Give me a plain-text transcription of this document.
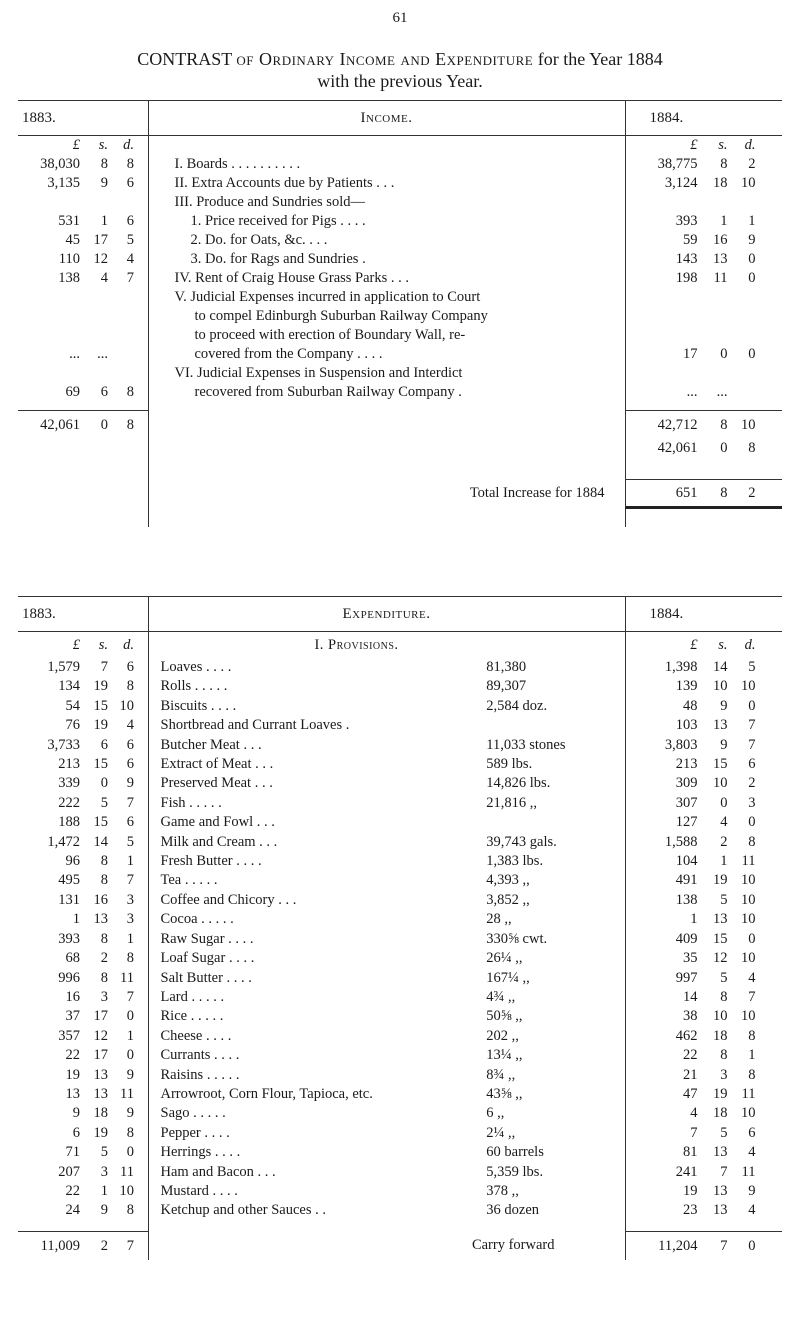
61
CONTRAST of Ordinary Income and Expenditure for the Year 1884
with the previous Year.
1883.	Income.	1884.

£ s. d.		£ s. d.

38,030 8 8	I. Boards . . . . . . . . . .	38,775 8 2

3,135 9 6	II. Extra Accounts due by Patients . . .	3,124 18 10

	III. Produce and Sundries sold—	

531 1 6	1. Price received for Pigs . . . .	393 1 1

45 17 5	2. Do. for Oats, &c. . . .	59 16 9

110 12 4	3. Do. for Rags and Sundries .	143 13 0

138 4 7	IV. Rent of Craig House Grass Parks . . .	198 11 0

	V. Judicial Expenses incurred in application to Court	

	to compel Edinburgh Suburban Railway Company	

	to proceed with erection of Boundary Wall, re-	

... ...	covered from the Company . . . .	17 0 0

	VI. Judicial Expenses in Suspension and Interdict	

69 6 8	recovered from Suburban Railway Company .	... ...

42,061 0 8		42,712 8 10

		42,061 0 8

	Total Increase for 1884	651 8 2

1883.	Expenditure.	1884.

£ s. d.	I. Provisions.	£ s. d.

1,579 7 6	Loaves . . . . 81,380	1,398 14 5

134 19 8	Rolls . . . . . 89,307	139 10 10

54 15 10	Biscuits . . . . 2,584 doz.	48 9 0

76 19 4	Shortbread and Currant Loaves .	103 13 7

3,733 6 6	Butcher Meat . . . 11,033 stones	3,803 9 7

213 15 6	Extract of Meat . . . 589 lbs.	213 15 6

339 0 9	Preserved Meat . . . 14,826 lbs.	309 10 2

222 5 7	Fish . . . . . 21,816 ,,	307 0 3

188 15 6	Game and Fowl . . .	127 4 0

1,472 14 5	Milk and Cream . . . 39,743 gals.	1,588 2 8

96 8 1	Fresh Butter . . . . 1,383 lbs.	104 1 11

495 8 7	Tea . . . . . 4,393 ,,	491 19 10

131 16 3	Coffee and Chicory . . . 3,852 ,,	138 5 10

1 13 3	Cocoa . . . . . 28 ,,	1 13 10

393 8 1	Raw Sugar . . . . 330⅝ cwt.	409 15 0

68 2 8	Loaf Sugar . . . . 26¼ ,,	35 12 10

996 8 11	Salt Butter . . . . 167¼ ,,	997 5 4

16 3 7	Lard . . . . . 4¾ ,,	14 8 7

37 17 0	Rice . . . . . 50⅝ ,,	38 10 10

357 12 1	Cheese . . . . 202 ,,	462 18 8

22 17 0	Currants . . . . 13¼ ,,	22 8 1

19 13 9	Raisins . . . . . 8¾ ,,	21 3 8

13 13 11	Arrowroot, Corn Flour, Tapioca, etc. 43⅝ ,,	47 19 11

9 18 9	Sago . . . . . 6 ,,	4 18 10

6 19 8	Pepper . . . . 2¼ ,,	7 5 6

71 5 0	Herrings . . . . 60 barrels	81 13 4

207 3 11	Ham and Bacon . . . 5,359 lbs.	241 7 11

22 1 10	Mustard . . . . 378 ,,	19 13 9

24 9 8	Ketchup and other Sauces . . 36 dozen	23 13 4

11,009 2 7	Carry forward	11,204 7 0
